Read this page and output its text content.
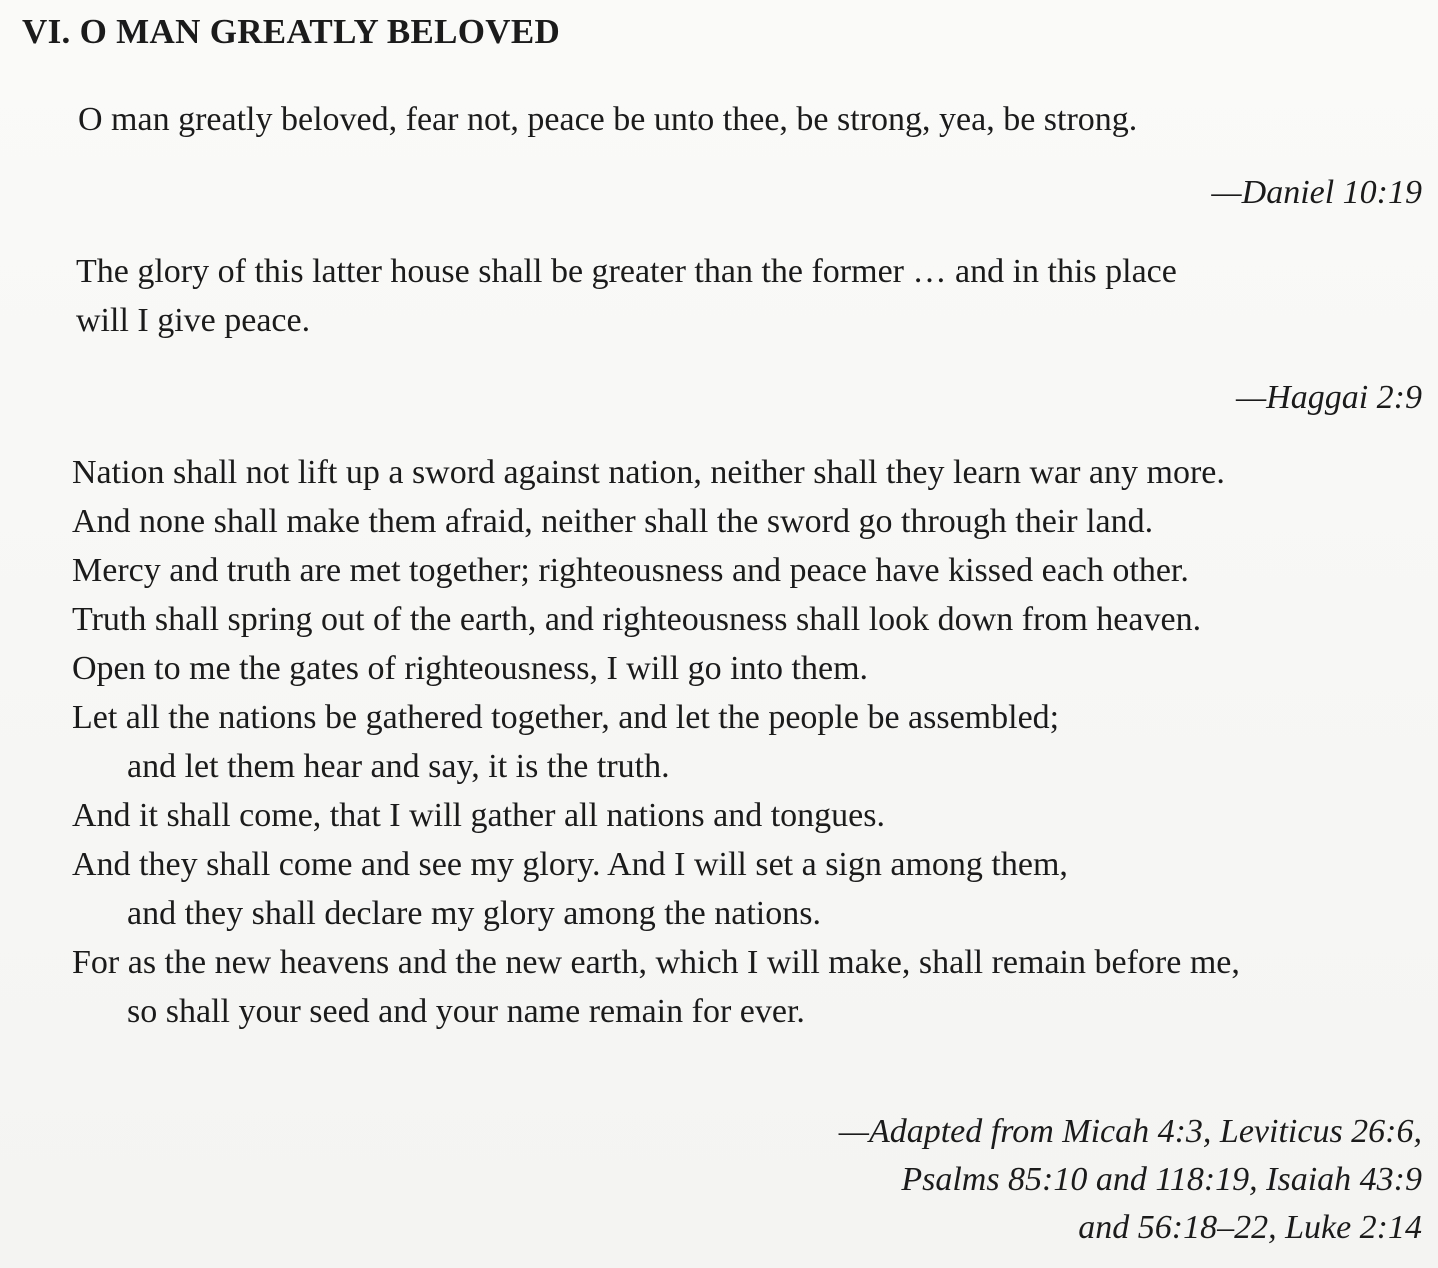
VI. O MAN GREATLY BELOVED
O man greatly beloved, fear not, peace be unto thee, be strong, yea, be strong.
—Daniel 10:19
The glory of this latter house shall be greater than the former … and in this place
will I give peace.
—Haggai 2:9
Nation shall not lift up a sword against nation, neither shall they learn war any more.
And none shall make them afraid, neither shall the sword go through their land.
Mercy and truth are met together; righteousness and peace have kissed each other.
Truth shall spring out of the earth, and righteousness shall look down from heaven.
Open to me the gates of righteousness, I will go into them.
Let all the nations be gathered together, and let the people be assembled;
and let them hear and say, it is the truth.
And it shall come, that I will gather all nations and tongues.
And they shall come and see my glory. And I will set a sign among them,
and they shall declare my glory among the nations.
For as the new heavens and the new earth, which I will make, shall remain before me,
so shall your seed and your name remain for ever.
—Adapted from Micah 4:3, Leviticus 26:6,
Psalms 85:10 and 118:19, Isaiah 43:9
and 56:18–22, Luke 2:14
